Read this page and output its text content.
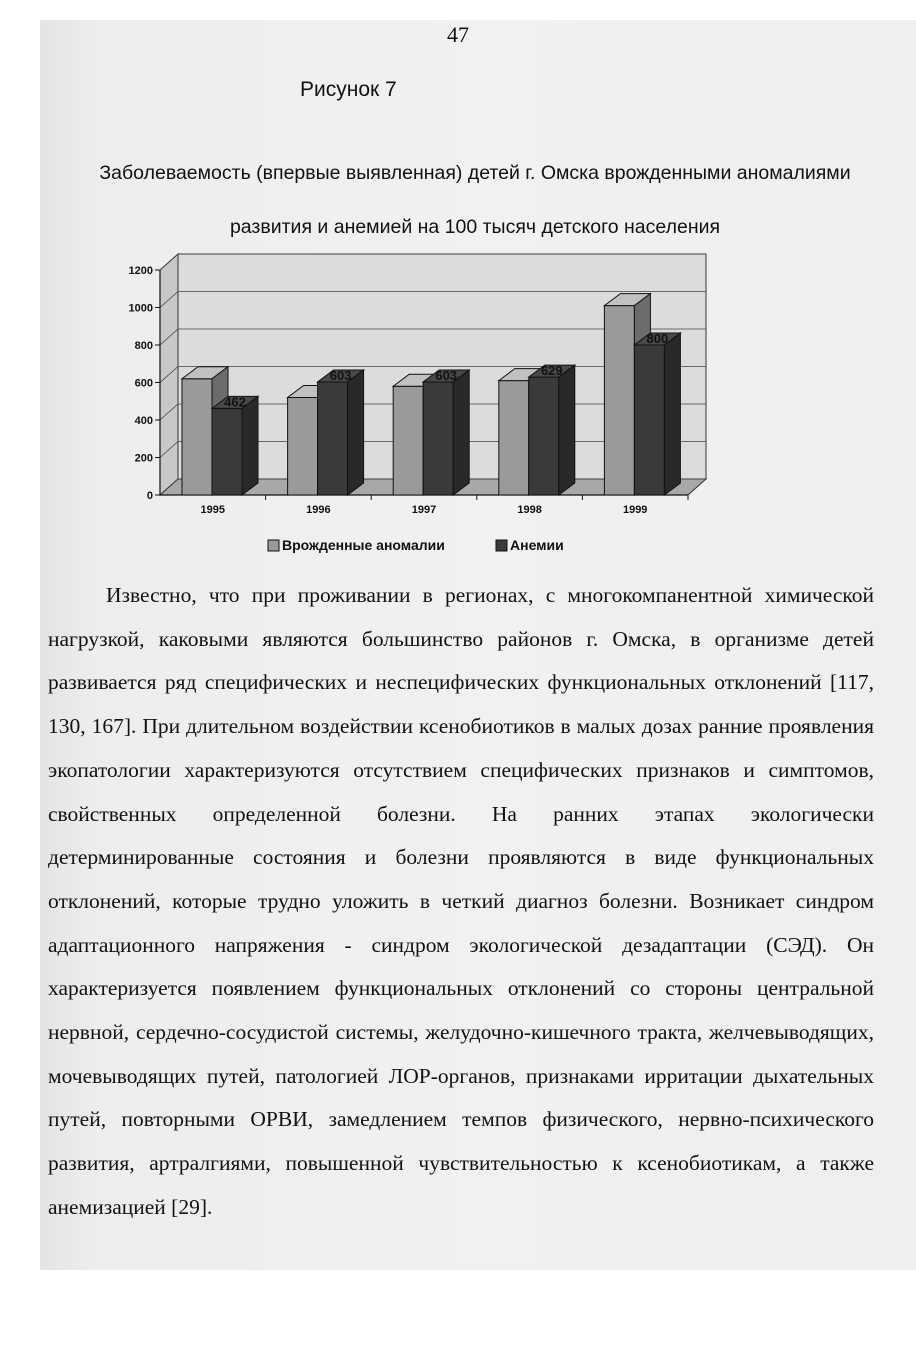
47
Рисунок 7
Заболеваемость (впервые выявленная) детей г. Омска врожденными аномалиями развития и анемией на 100 тысяч детского населения
0
200
400
600
800
1000
1200
462
1995
603
1996
603
1997
629
1998
800
1999
Врожденные аномалии	Анемии

Известно, что при проживании в регионах, с многокомпанентной химической нагрузкой, каковыми являются большинство районов г. Омска, в организме детей развивается ряд специфических и неспецифических функциональных отклонений [117, 130, 167]. При длительном воздействии ксенобиотиков в малых дозах ранние проявления экопатологии характеризуются отсутствием специфических признаков и симптомов, свойственных определенной болезни. На ранних этапах экологически детерминированные состояния и болезни проявляются в виде функциональных отклонений, которые трудно уложить в четкий диагноз болезни. Возникает синдром адаптационного напряжения - синдром экологической дезадаптации (СЭД). Он характеризуется появлением функциональных отклонений со стороны центральной нервной, сердечно-сосудистой системы, желудочно-кишечного тракта, желчевыводящих, мочевыводящих путей, патологией ЛОР-органов, признаками ирритации дыхательных путей, повторными ОРВИ, замедлением темпов физического, нервно-психического развития, артралгиями, повышенной чувствительностью к ксенобиотикам, а также анемизацией [29].
